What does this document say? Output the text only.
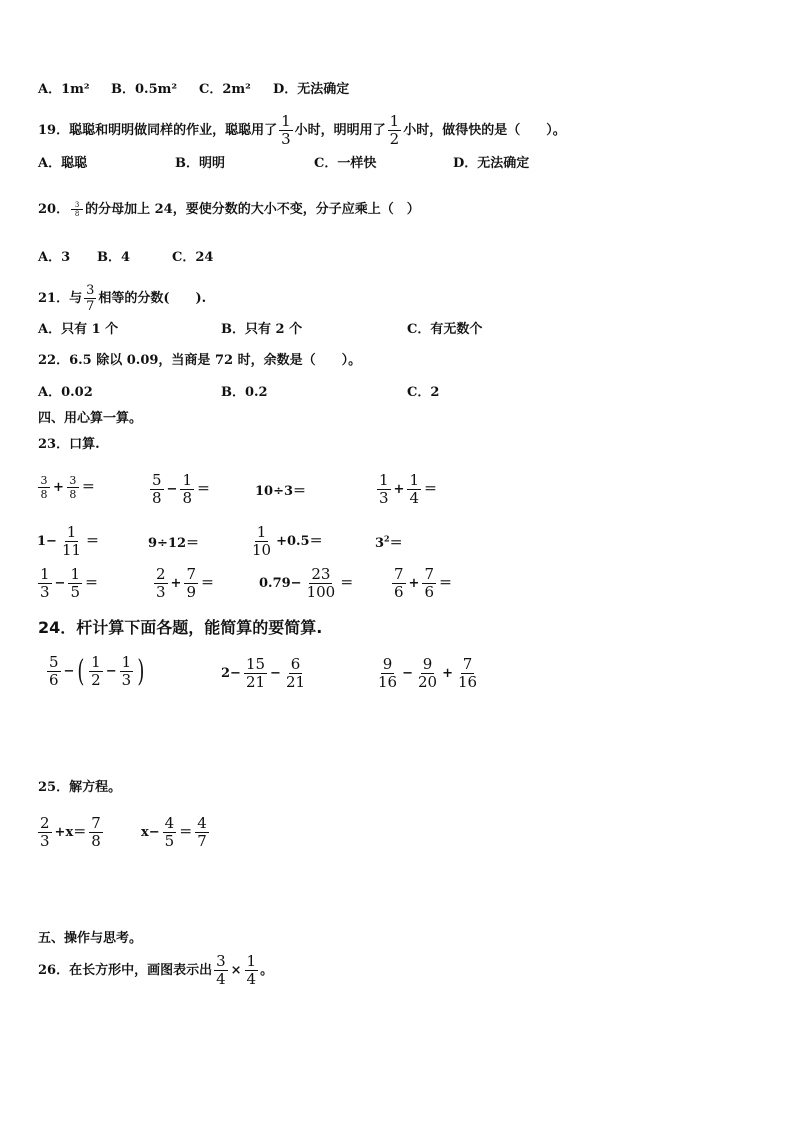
A．1m² B．0.5m² C．2m² D．无法确定
19．聪聪和明明做同样的作业，聪聪用了 $\frac{1}{3}$ 小时，明明用了 $\frac{1}{2}$ 小时，做得快的是（　　）。
A．聪聪	B．明明	C．一样快	D．无法确定
20． $\frac{3}{8}$ 的分母加上 24，要使分数的大小不变，分子应乘上（　）
A．3 B．4	C．24
21．与 $\frac{3}{7}$ 相等的分数(　　).
A．只有 1 个	B．只有 2 个	C．有无数个
22．6.5 除以 0.09，当商是 72 时，余数是（　　）。
A．0.02	B．0.2	C．2
四、用心算一算。
23．口算.
$\frac{3}{8} + \frac{3}{8}$ ＝	$\frac{5}{8} - \frac{1}{8}$ ＝	10÷3＝	$\frac{1}{3} + \frac{1}{4}$ ＝
$1- \frac{1}{11}$ ＝	9÷12＝	$\frac{1}{10} +0.5=$	$3^2=$
$\frac{1}{3} - \frac{1}{5}$ ＝	$\frac{2}{3} + \frac{7}{9}$ ＝	$0.79- \frac{23}{100}$ ＝	$\frac{7}{6} + \frac{7}{6}$ ＝
24．杆计算下面各题，能简算的要简算.
$\frac{5}{6}$ − ( $\frac{1}{2} - \frac{1}{3}$ )	$2- \frac{15}{21} - \frac{6}{21}$	$\frac{9}{16} - \frac{9}{20} + \frac{7}{16}$
25．解方程。
$\frac{2}{3} +x= \frac{7}{8}$	$x- \frac{4}{5} = \frac{4}{7}$
五、操作与思考。
26．在长方形中，画图表示出 $\frac{3}{4} \times \frac{1}{4}$ 。
